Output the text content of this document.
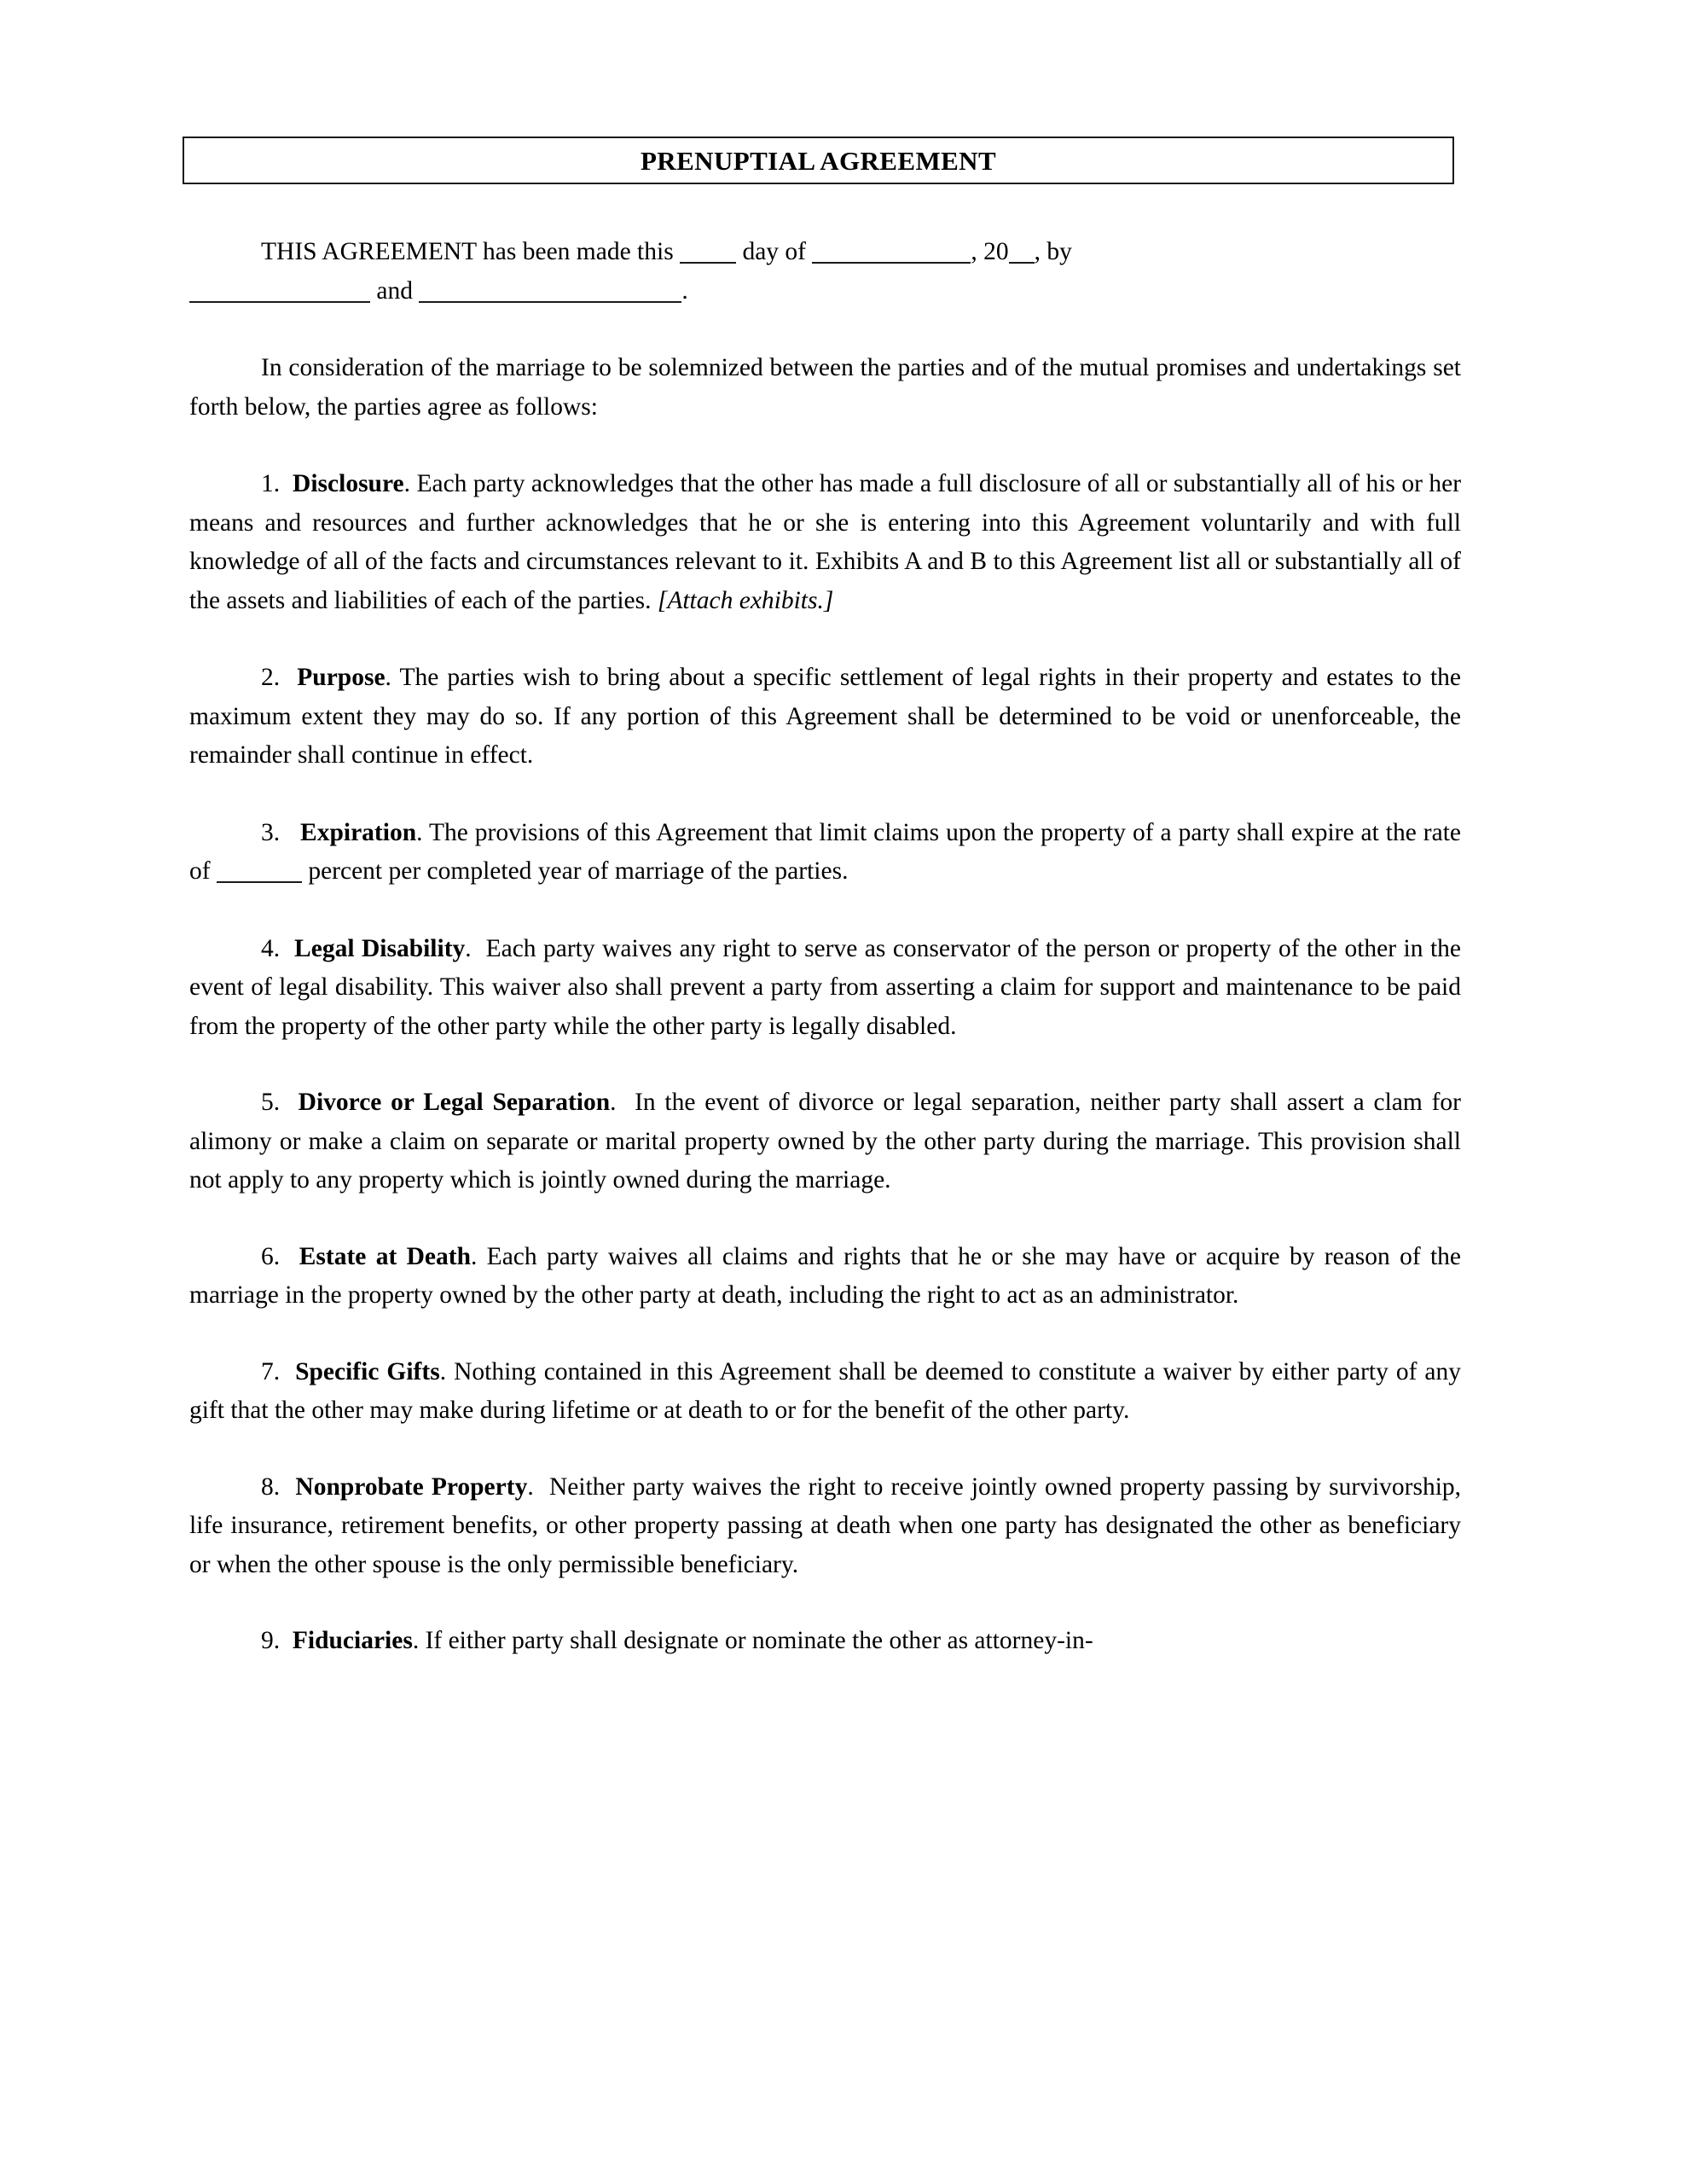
PRENUPTIAL AGREEMENT

THIS AGREEMENT has been made this	day of	, 20 , by

and	.

In consideration of the marriage to be solemnized between the parties and of the mutual promises and undertakings set forth below, the parties agree as follows:

1. Disclosure. Each party acknowledges that the other has made a full disclosure of all or substantially all of his or her means and resources and further acknowledges that he or she is entering into this Agreement voluntarily and with full knowledge of all of the facts and circumstances relevant to it. Exhibits A and B to this Agreement list all or substantially all of the assets and liabilities of each of the parties. [Attach exhibits.]

2. Purpose. The parties wish to bring about a specific settlement of legal rights in their property and estates to the maximum extent they may do so. If any portion of this Agreement shall be determined to be void or unenforceable, the remainder shall continue in effect.

3. Expiration. The provisions of this Agreement that limit claims upon the property of a party shall expire at the rate of	percent per completed year of marriage of the parties.

4. Legal Disability. Each party waives any right to serve as conservator of the person or property of the other in the event of legal disability. This waiver also shall prevent a party from asserting a claim for support and maintenance to be paid from the property of the other party while the other party is legally disabled.

5. Divorce or Legal Separation. In the event of divorce or legal separation, neither party shall assert a clam for alimony or make a claim on separate or marital property owned by the other party during the marriage. This provision shall not apply to any property which is jointly owned during the marriage.

6. Estate at Death. Each party waives all claims and rights that he or she may have or acquire by reason of the marriage in the property owned by the other party at death, including the right to act as an administrator.

7. Specific Gifts. Nothing contained in this Agreement shall be deemed to constitute a waiver by either party of any gift that the other may make during lifetime or at death to or for the benefit of the other party.

8. Nonprobate Property. Neither party waives the right to receive jointly owned property passing by survivorship, life insurance, retirement benefits, or other property passing at death when one party has designated the other as beneficiary or when the other spouse is the only permissible beneficiary.

9. Fiduciaries. If either party shall designate or nominate the other as attorney-in-
